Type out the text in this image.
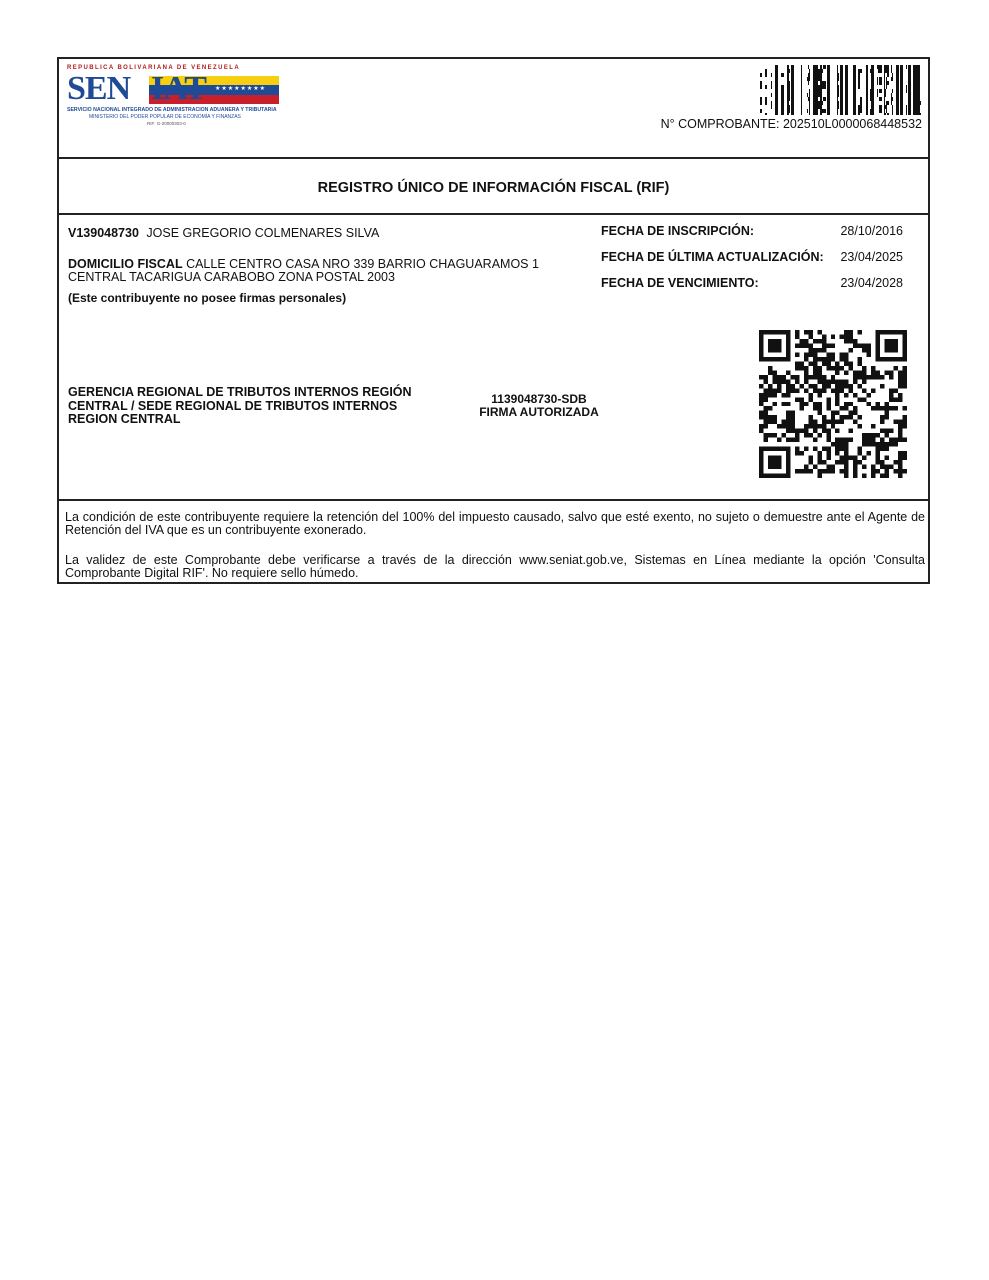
REPUBLICA BOLIVARIANA DE VENEZUELA
SEN	★★★★★★★★
IAT
SERVICIO NACIONAL INTEGRADO DE ADMINISTRACION ADUANERA Y TRIBUTARIA
MINISTERIO DEL PODER POPULAR DE ECONOMÍA Y FINANZAS
RIF: G-20000303-0	N° COMPROBANTE: 202510L0000068448532
REGISTRO ÚNICO DE INFORMACIÓN FISCAL (RIF)
V139048730 JOSE GREGORIO COLMENARES SILVA
DOMICILIO FISCAL CALLE CENTRO CASA NRO 339 BARRIO CHAGUARAMOS 1 CENTRAL TACARIGUA CARABOBO ZONA POSTAL 2003
(Este contribuyente no posee firmas personales)
FECHA DE INSCRIPCIÓN:	28/10/2016
FECHA DE ÚLTIMA ACTUALIZACIÓN: 23/04/2025
FECHA DE VENCIMIENTO:	23/04/2028
GERENCIA REGIONAL DE TRIBUTOS INTERNOS REGIÓN CENTRAL / SEDE REGIONAL DE TRIBUTOS INTERNOS REGION CENTRAL
1139048730-SDB
FIRMA AUTORIZADA

La condición de este contribuyente requiere la retención del 100% del impuesto causado, salvo que esté exento, no sujeto o demuestre ante el Agente de Retención del IVA que es un contribuyente exonerado.

La validez de este Comprobante debe verificarse a través de la dirección www.seniat.gob.ve, Sistemas en Línea mediante la opción 'Consulta Comprobante Digital RIF'. No requiere sello húmedo.
